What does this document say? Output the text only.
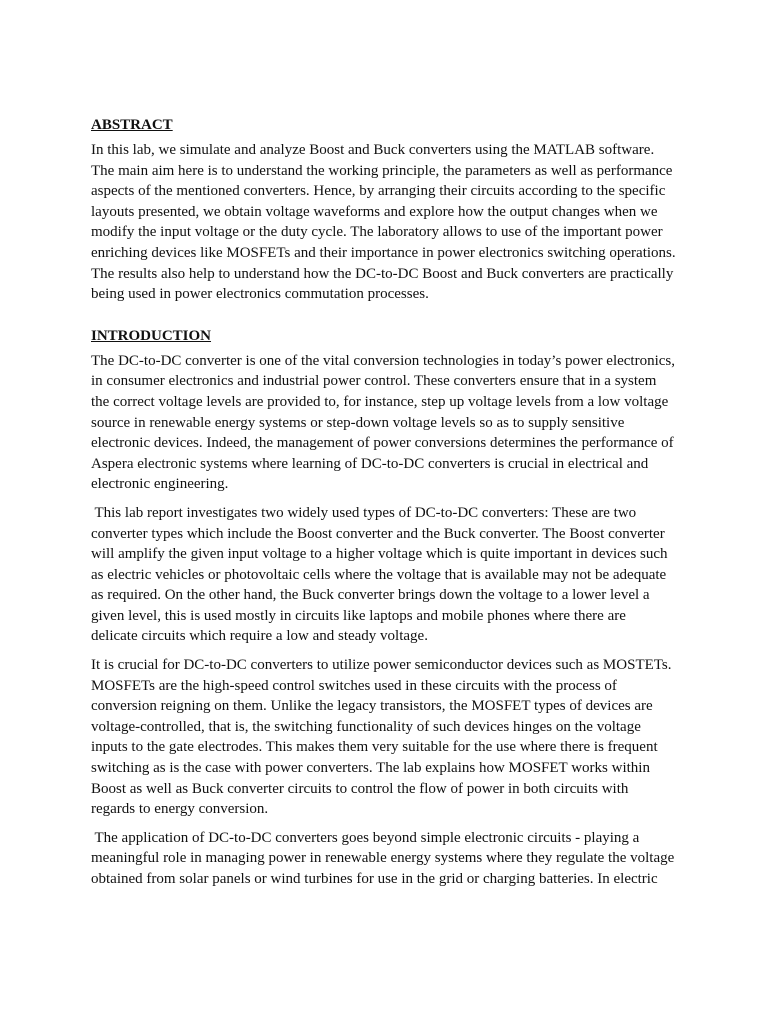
ABSTRACT
In this lab, we simulate and analyze Boost and Buck converters using the MATLAB software.
The main aim here is to understand the working principle, the parameters as well as performance
aspects of the mentioned converters. Hence, by arranging their circuits according to the specific
layouts presented, we obtain voltage waveforms and explore how the output changes when we
modify the input voltage or the duty cycle. The laboratory allows to use of the important power
enriching devices like MOSFETs and their importance in power electronics switching operations.
The results also help to understand how the DC-to-DC Boost and Buck converters are practically
being used in power electronics commutation processes.
INTRODUCTION
The DC-to-DC converter is one of the vital conversion technologies in today’s power electronics,
in consumer electronics and industrial power control. These converters ensure that in a system
the correct voltage levels are provided to, for instance, step up voltage levels from a low voltage
source in renewable energy systems or step-down voltage levels so as to supply sensitive
electronic devices. Indeed, the management of power conversions determines the performance of
Aspera electronic systems where learning of DC-to-DC converters is crucial in electrical and
electronic engineering.
This lab report investigates two widely used types of DC-to-DC converters: These are two
converter types which include the Boost converter and the Buck converter. The Boost converter
will amplify the given input voltage to a higher voltage which is quite important in devices such
as electric vehicles or photovoltaic cells where the voltage that is available may not be adequate
as required. On the other hand, the Buck converter brings down the voltage to a lower level a
given level, this is used mostly in circuits like laptops and mobile phones where there are
delicate circuits which require a low and steady voltage.
It is crucial for DC-to-DC converters to utilize power semiconductor devices such as MOSTETs.
MOSFETs are the high-speed control switches used in these circuits with the process of
conversion reigning on them. Unlike the legacy transistors, the MOSFET types of devices are
voltage-controlled, that is, the switching functionality of such devices hinges on the voltage
inputs to the gate electrodes. This makes them very suitable for the use where there is frequent
switching as is the case with power converters. The lab explains how MOSFET works within
Boost as well as Buck converter circuits to control the flow of power in both circuits with
regards to energy conversion.
The application of DC-to-DC converters goes beyond simple electronic circuits - playing a
meaningful role in managing power in renewable energy systems where they regulate the voltage
obtained from solar panels or wind turbines for use in the grid or charging batteries. In electric
